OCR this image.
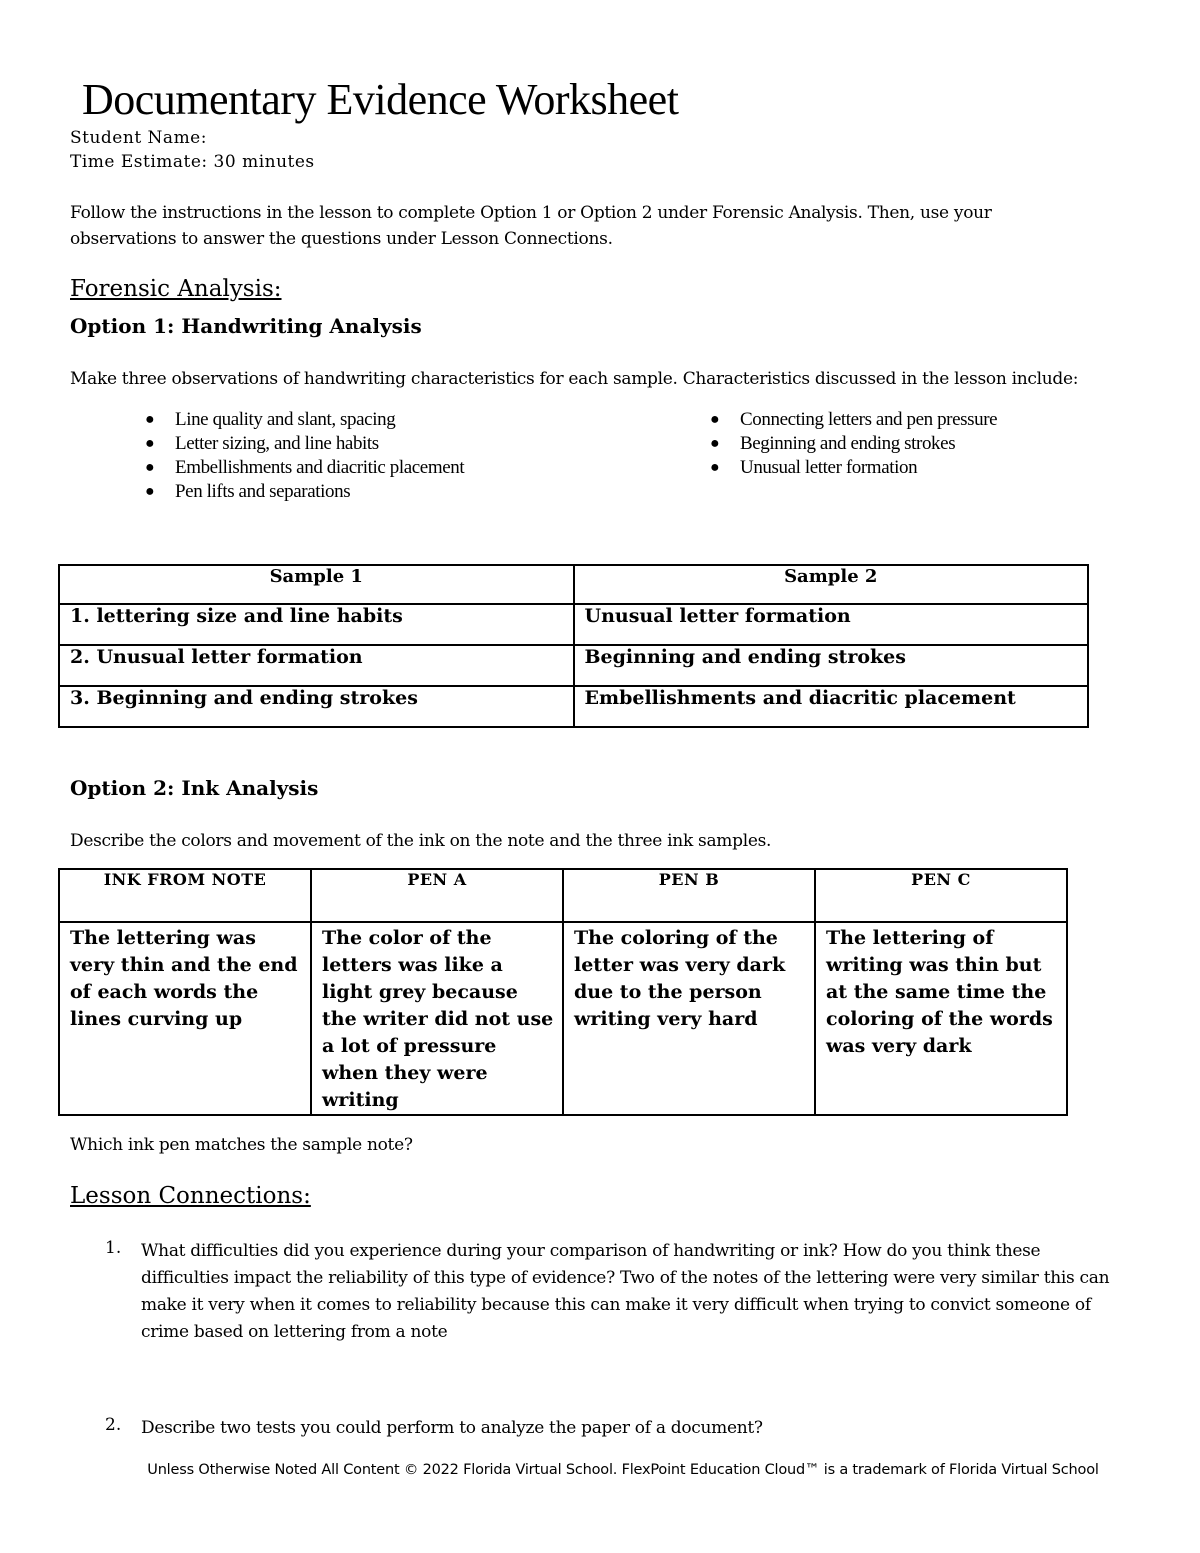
Documentary Evidence Worksheet
Student Name:
Time Estimate: 30 minutes
Follow the instructions in the lesson to complete Option 1 or Option 2 under Forensic Analysis. Then, use your observations to answer the questions under Lesson Connections.
Forensic Analysis:
Option 1: Handwriting Analysis
Make three observations of handwriting characteristics for each sample. Characteristics discussed in the lesson include:
● Line quality and slant, spacing
● Letter sizing, and line habits
● Embellishments and diacritic placement
● Pen lifts and separations
● Connecting letters and pen pressure
● Beginning and ending strokes
● Unusual letter formation
Sample 1	Sample 2
1. lettering size and line habits	Unusual letter formation
2. Unusual letter formation	Beginning and ending strokes
3. Beginning and ending strokes	Embellishments and diacritic placement
Option 2: Ink Analysis
Describe the colors and movement of the ink on the note and the three ink samples.
INK FROM NOTE	PEN A	PEN B	PEN C
The lettering was very thin and the end of each words the lines curving up	The color of the letters was like a light grey because the writer did not use a lot of pressure when they were writing	The coloring of the letter was very dark due to the person writing very hard	The lettering of writing was thin but at the same time the coloring of the words was very dark
Which ink pen matches the sample note?
Lesson Connections:
1. What difficulties did you experience during your comparison of handwriting or ink? How do you think these difficulties impact the reliability of this type of evidence? Two of the notes of the lettering were very similar this can make it very when it comes to reliability because this can make it very difficult when trying to convict someone of crime based on lettering from a note
2. Describe two tests you could perform to analyze the paper of a document?
Unless Otherwise Noted All Content © 2022 Florida Virtual School. FlexPoint Education Cloud™ is a trademark of Florida Virtual School
